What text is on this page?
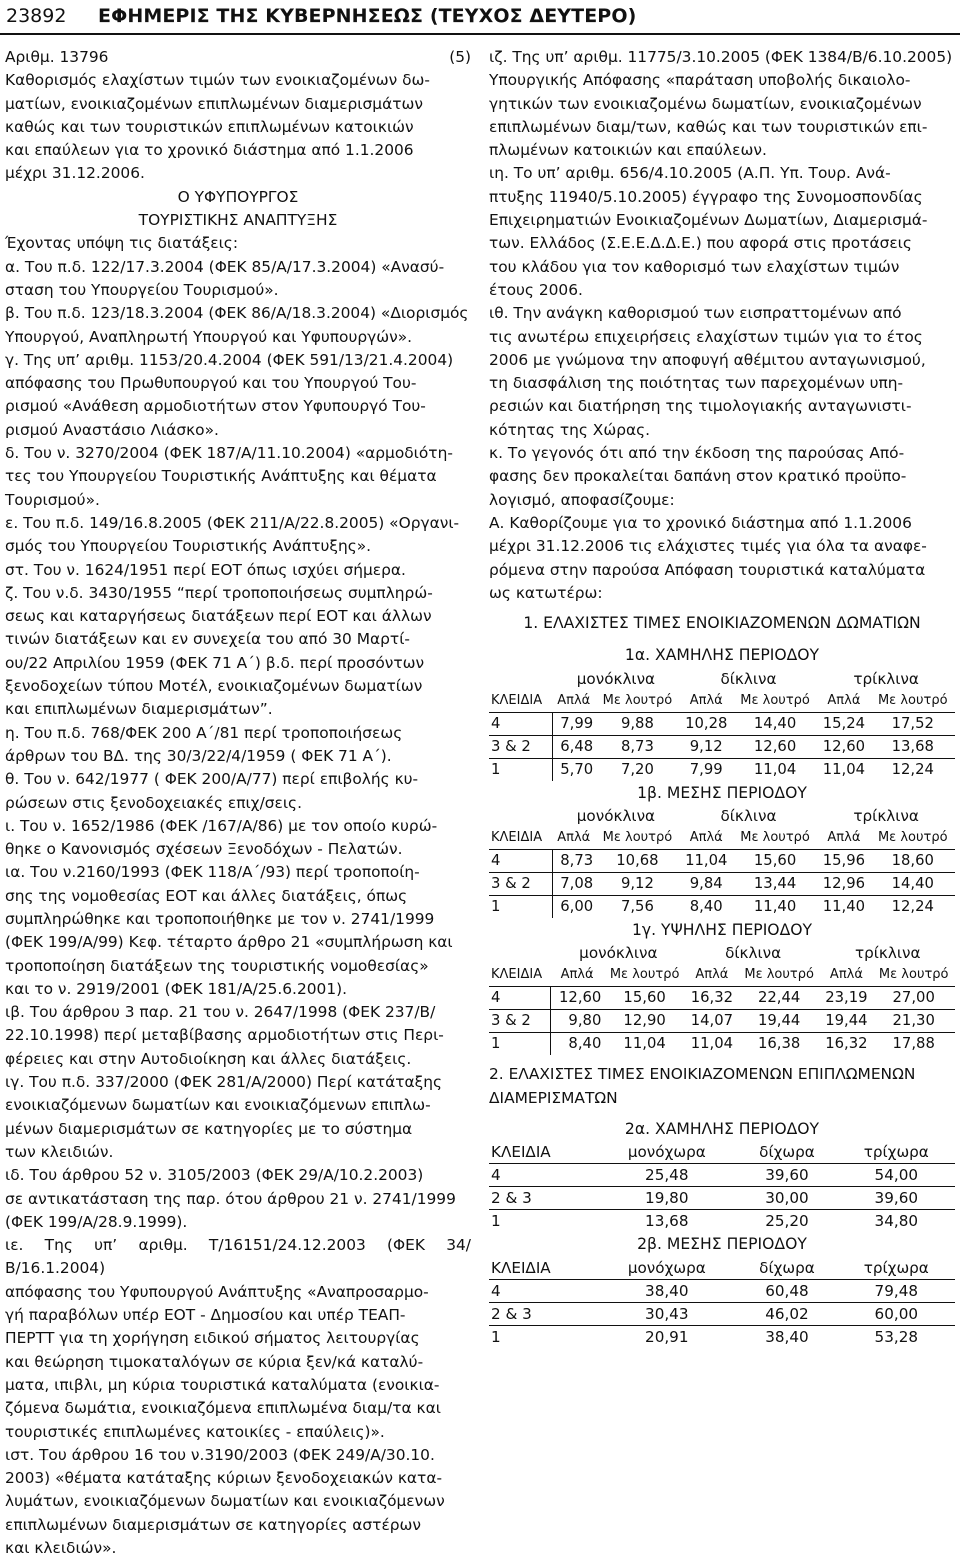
23892 ΕΦΗΜΕΡΙΣ ΤΗΣ ΚΥΒΕΡΝΗΣΕΩΣ (ΤΕΥΧΟΣ ΔΕΥΤΕΡΟ)
Αριθμ. 13796	(5)
Καθορισμός ελαχίστων τιμών των ενοικιαζομένων δω-
ματίων, ενοικιαζομένων επιπλωμένων διαμερισμάτων
καθώς και των τουριστικών επιπλωμένων κατοικιών
και επαύλεων για το χρονικό διάστημα από 1.1.2006
μέχρι 31.12.2006.
Ο ΥΦΥΠΟΥΡΓΟΣ
ΤΟΥΡΙΣΤΙΚΗΣ ΑΝΑΠΤΥΞΗΣ
Έχοντας υπόψη τις διατάξεις:
α. Του π.δ. 122/17.3.2004 (ΦΕΚ 85/Α/17.3.2004) «Ανασύ-
σταση του Υπουργείου Τουρισμού».
β. Του π.δ. 123/18.3.2004 (ΦΕΚ 86/Α/18.3.2004) «Διορισμός
Υπουργού, Αναπληρωτή Υπουργού και Υφυπουργών».
γ. Της υπ’ αριθμ. 1153/20.4.2004 (ΦΕΚ 591/13/21.4.2004)
απόφασης του Πρωθυπουργού και του Υπουργού Του-
ρισμού «Ανάθεση αρμοδιοτήτων στον Υφυπουργό Του-
ρισμού Αναστάσιο Λιάσκο».
δ. Του ν. 3270/2004 (ΦΕΚ 187/Α/11.10.2004) «αρμοδιότη-
τες του Υπουργείου Τουριστικής Ανάπτυξης και θέματα
Τουρισμού».
ε. Του π.δ. 149/16.8.2005 (ΦΕΚ 211/Α/22.8.2005) «Οργανι-
σμός του Υπουργείου Τουριστικής Ανάπτυξης».
στ. Του ν. 1624/1951 περί ΕΟΤ όπως ισχύει σήμερα.
ζ. Του ν.δ. 3430/1955 “περί τροποποιήσεως συμπληρώ-
σεως και καταργήσεως διατάξεων περί ΕΟΤ και άλλων
τινών διατάξεων και εν συνεχεία του από 30 Μαρτί-
ου/22 Απριλίου 1959 (ΦΕΚ 71 Α΄) β.δ. περί προσόντων
ξενοδοχείων τύπου Μοτέλ, ενοικιαζομένων δωματίων
και επιπλωμένων διαμερισμάτων”.
η. Του π.δ. 768/ΦΕΚ 200 Α΄/81 περί τροποποιήσεως
άρθρων του ΒΔ. της 30/3/22/4/1959 ( ΦΕΚ 71 Α΄).
θ. Του ν. 642/1977 ( ΦΕΚ 200/Α/77) περί επιβολής κυ-
ρώσεων στις ξενοδοχειακές επιχ/σεις.
ι. Του ν. 1652/1986 (ΦΕΚ /167/Α/86) με τον οποίο κυρώ-
θηκε ο Κανονισμός σχέσεων Ξενοδόχων - Πελατών.
ια. Του ν.2160/1993 (ΦΕΚ 118/Α΄/93) περί τροποποίη-
σης της νομοθεσίας ΕΟΤ και άλλες διατάξεις, όπως
συμπληρώθηκε και τροποποιήθηκε με τον ν. 2741/1999
(ΦΕΚ 199/Α/99) Κεφ. τέταρτο άρθρο 21 «συμπλήρωση και
τροποποίηση διατάξεων της τουριστικής νομοθεσίας»
και το ν. 2919/2001 (ΦΕΚ 181/Α/25.6.2001).
ιβ. Του άρθρου 3 παρ. 21 του ν. 2647/1998 (ΦΕΚ 237/Β/
22.10.1998) περί μεταβίβασης αρμοδιοτήτων στις Περι-
φέρειες και στην Αυτοδιοίκηση και άλλες διατάξεις.
ιγ. Του π.δ. 337/2000 (ΦΕΚ 281/Α/2000) Περί κατάταξης
ενοικιαζόμενων δωματίων και ενοικιαζόμενων επιπλω-
μένων διαμερισμάτων σε κατηγορίες με το σύστημα
των κλειδιών.
ιδ. Του άρθρου 52 ν. 3105/2003 (ΦΕΚ 29/Α/10.2.2003)
σε αντικατάσταση της παρ. ότου άρθρου 21 ν. 2741/1999
(ΦΕΚ 199/Α/28.9.1999).
ιε. Της υπ’ αριθμ. Τ/16151/24.12.2003 (ΦΕΚ 34/Β/16.1.2004)
απόφασης του Υφυπουργού Ανάπτυξης «Αναπροσαρμο-
γή παραβόλων υπέρ ΕΟΤ - Δημοσίου και υπέρ ΤΕΑΠ-
ΠΕΡΤΤ για τη χορήγηση ειδικού σήματος λειτουργίας
και θεώρηση τιμοκαταλόγων σε κύρια ξεν/κά καταλύ-
ματα, ιπιβλι, μη κύρια τουριστικά καταλύματα (ενοικια-
ζόμενα δωμάτια, ενοικιαζόμενα επιπλωμένα διαμ/τα και
τουριστικές επιπλωμένες κατοικίες - επαύλεις)».
ιστ. Του άρθρου 16 του ν.3190/2003 (ΦΕΚ 249/Α/30.10.
2003) «θέματα κατάταξης κύριων ξενοδοχειακών κατα-
λυμάτων, ενοικιαζόμενων δωματίων και ενοικιαζόμενων
επιπλωμένων διαμερισμάτων σε κατηγορίες αστέρων
και κλειδιών».
ιζ. Της υπ’ αριθμ. 11775/3.10.2005 (ΦΕΚ 1384/Β/6.10.2005)
Υπουργικής Απόφασης «παράταση υποβολής δικαιολο-
γητικών των ενοικιαζομένω δωματίων, ενοικιαζομένων
επιπλωμένων διαμ/των, καθώς και των τουριστικών επι-
πλωμένων κατοικιών και επαύλεων.
ιη. Το υπ’ αριθμ. 656/4.10.2005 (Α.Π. Υπ. Τουρ. Ανά-
πτυξης 11940/5.10.2005) έγγραφο της Συνομοσπονδίας
Επιχειρηματιών Ενοικιαζομένων Δωματίων, Διαμερισμά-
των. Ελλάδος (Σ.Ε.Ε.Δ.Δ.Ε.) που αφορά στις προτάσεις
του κλάδου για τον καθορισμό των ελαχίστων τιμών
έτους 2006.
ιθ. Την ανάγκη καθορισμού των εισπραττομένων από
τις ανωτέρω επιχειρήσεις ελαχίστων τιμών για το έτος
2006 με γνώμονα την αποφυγή αθέμιτου ανταγωνισμού,
τη διασφάλιση της ποιότητας των παρεχομένων υπη-
ρεσιών και διατήρηση της τιμολογιακής ανταγωνιστι-
κότητας της Χώρας.
κ. Το γεγονός ότι από την έκδοση της παρούσας Από-
φασης δεν προκαλείται δαπάνη στον κρατικό προϋπο-
λογισμό, αποφασίζουμε:
Α. Καθορίζουμε για το χρονικό διάστημα από 1.1.2006
μέχρι 31.12.2006 τις ελάχιστες τιμές για όλα τα αναφε-
ρόμενα στην παρούσα Απόφαση τουριστικά καταλύματα
ως κατωτέρω:
1. ΕΛΑΧΙΣΤΕΣ ΤΙΜΕΣ ΕΝΟΙΚΙΑΖΟΜΕΝΩΝ ΔΩΜΑΤΙΩΝ
1α. ΧΑΜΗΛΗΣ ΠΕΡΙΟΔΟΥ
	μονόκλινα		δίκλινα		τρίκλινα	
ΚΛΕΙΔΙΑ	Απλά	Με λουτρό	Απλά	Με λουτρό	Απλά	Με λουτρό
4	7,99	9,88	10,28	14,40	15,24	17,52
3 & 2	6,48	8,73	9,12	12,60	12,60	13,68
1	5,70	7,20	7,99	11,04	11,04	12,24
1β. ΜΕΣΗΣ ΠΕΡΙΟΔΟΥ
	μονόκλινα		δίκλινα		τρίκλινα	
ΚΛΕΙΔΙΑ	Απλά	Με λουτρό	Απλά	Με λουτρό	Απλά	Με λουτρό
4	8,73	10,68	11,04	15,60	15,96	18,60
3 & 2	7,08	9,12	9,84	13,44	12,96	14,40
1	6,00	7,56	8,40	11,40	11,40	12,24
1γ. ΥΨΗΛΗΣ ΠΕΡΙΟΔΟΥ
	μονόκλινα		δίκλινα		τρίκλινα	
ΚΛΕΙΔΙΑ	Απλά	Με λουτρό	Απλά	Με λουτρό	Απλά	Με λουτρό
4	12,60	15,60	16,32	22,44	23,19	27,00
3 & 2	9,80	12,90	14,07	19,44	19,44	21,30
1	8,40	11,04	11,04	16,38	16,32	17,88
2. ΕΛΑΧΙΣΤΕΣ ΤΙΜΕΣ ΕΝΟΙΚΙΑΖΟΜΕΝΩΝ ΕΠΙΠΛΩΜΕΝΩΝ
ΔΙΑΜΕΡΙΣΜΑΤΩΝ
2α. ΧΑΜΗΛΗΣ ΠΕΡΙΟΔΟΥ
ΚΛΕΙΔΙΑ	μονόχωρα	δίχωρα	τρίχωρα
4	25,48	39,60	54,00
2 & 3	19,80	30,00	39,60
1	13,68	25,20	34,80
2β. ΜΕΣΗΣ ΠΕΡΙΟΔΟΥ
ΚΛΕΙΔΙΑ	μονόχωρα	δίχωρα	τρίχωρα
4	38,40	60,48	79,48
2 & 3	30,43	46,02	60,00
1	20,91	38,40	53,28
